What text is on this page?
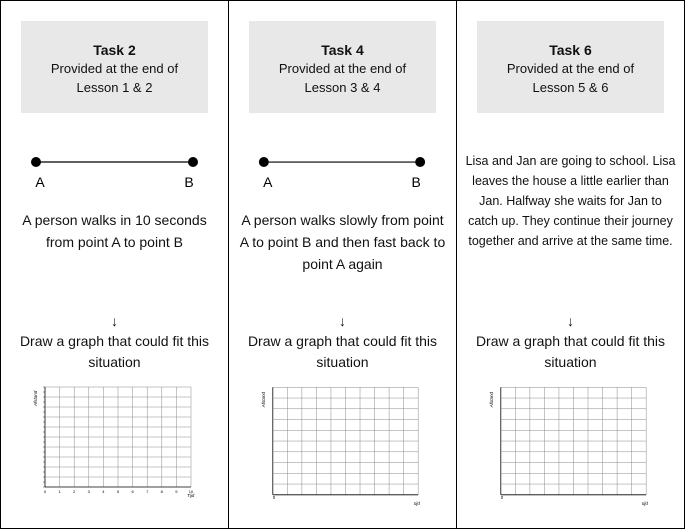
Task 2
Provided at the end of
Lesson 1 & 2
A	B
A person walks in 10 seconds from point A to point B
↓
Draw a graph that could fit this situation
Afstand
Tijd
0	1	2	3	4	5	6	7	8	9	10
Task 4
Provided at the end of
Lesson 3 & 4
A	B
A person walks slowly from point A to point B and then fast back to point A again
↓
Draw a graph that could fit this situation
Afstand
tijd
0
Task 6
Provided at the end of
Lesson 5 & 6
Lisa and Jan are going to school. Lisa leaves the house a little earlier than Jan. Halfway she waits for Jan to catch up. They continue their journey together and arrive at the same time.
↓
Draw a graph that could fit this situation
Afstand
tijd
0
